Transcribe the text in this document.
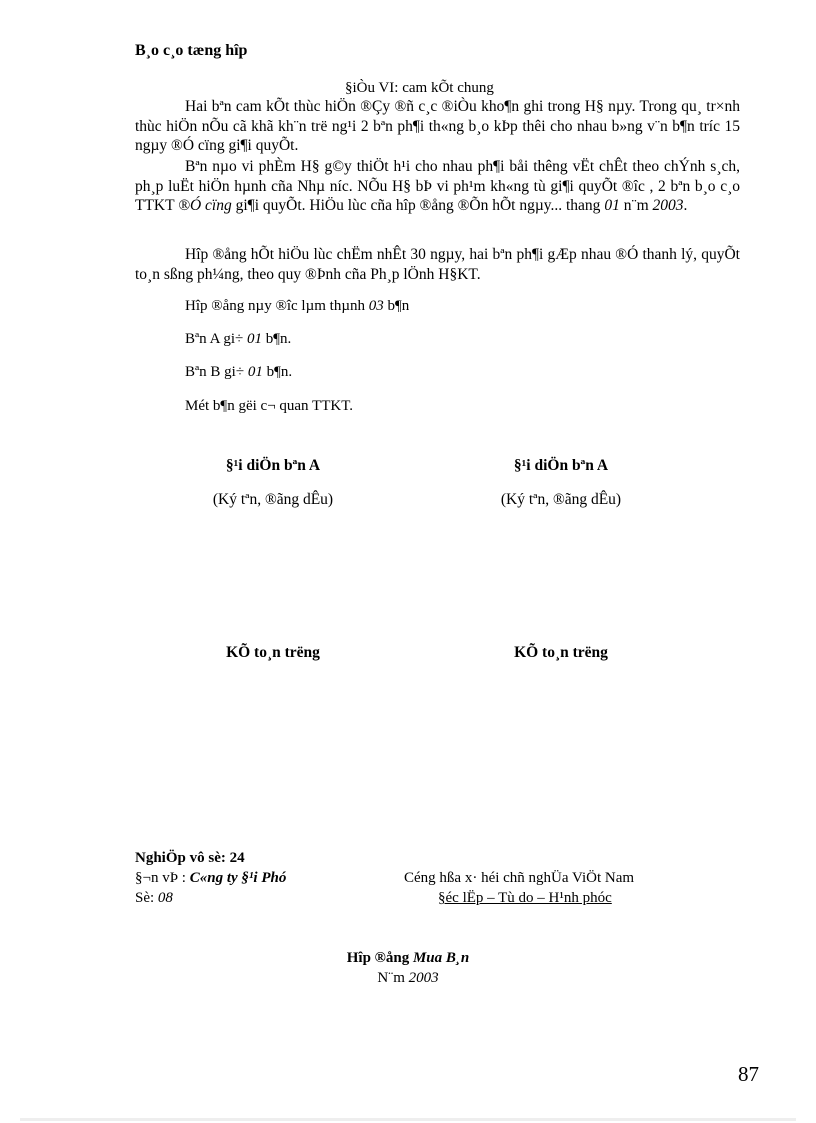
B¸o c¸o tæng hîp
§iÒu VI: cam kÕt chung
Hai bªn cam kÕt thùc hiÖn ®Çy ®ñ c¸c ®iÒu kho¶n ghi trong H§ nµy. Trong qu¸ tr×nh thùc hiÖn nÕu cã khã kh¨n trë ng¹i 2 bªn ph¶i th«ng b¸o kÞp thêi cho nhau b»ng v¨n b¶n tríc 15 ngµy ®Ó cïng gi¶i quyÕt.
Bªn nµo vi phÈm H§ g©y thiÖt h¹i cho nhau ph¶i båi thêng vËt chÊt theo chÝnh s¸ch, ph¸p luËt hiÖn hµnh cña Nhµ níc. NÕu H§ bÞ vi ph¹m kh«ng tù gi¶i quyÕt ®îc , 2 bªn b¸o c¸o TTKT ®Ó cïng gi¶i quyÕt. HiÖu lùc cña hîp ®ång ®Õn hÕt ngµy... thang 01 n¨m 2003.
Hîp ®ång hÕt hiÖu lùc chËm nhÊt 30 ngµy, hai bªn ph¶i gÆp nhau ®Ó thanh lý, quyÕt to¸n sßng ph¼ng, theo quy ®Þnh cña Ph¸p lÖnh H§KT.
Hîp ®ång nµy ®îc lµm thµnh 03 b¶n
Bªn A gi÷ 01 b¶n.
Bªn B gi÷ 01 b¶n.
Mét b¶n gëi c¬ quan TTKT.
§¹i diÖn bªn A
(Ký tªn, ®ãng dÊu)
§¹i diÖn bªn A
(Ký tªn, ®ãng dÊu)
KÕ to¸n trëng	KÕ to¸n trëng
NghiÖp vô sè: 24
§¬n vÞ : C«ng ty §¹i Phó
Sè: 08
Céng hßa x· héi chñ nghÜa ViÖt Nam
§éc lËp – Tù do – H¹nh phóc
Hîp ®ång Mua B¸n
N¨m 2003
87
